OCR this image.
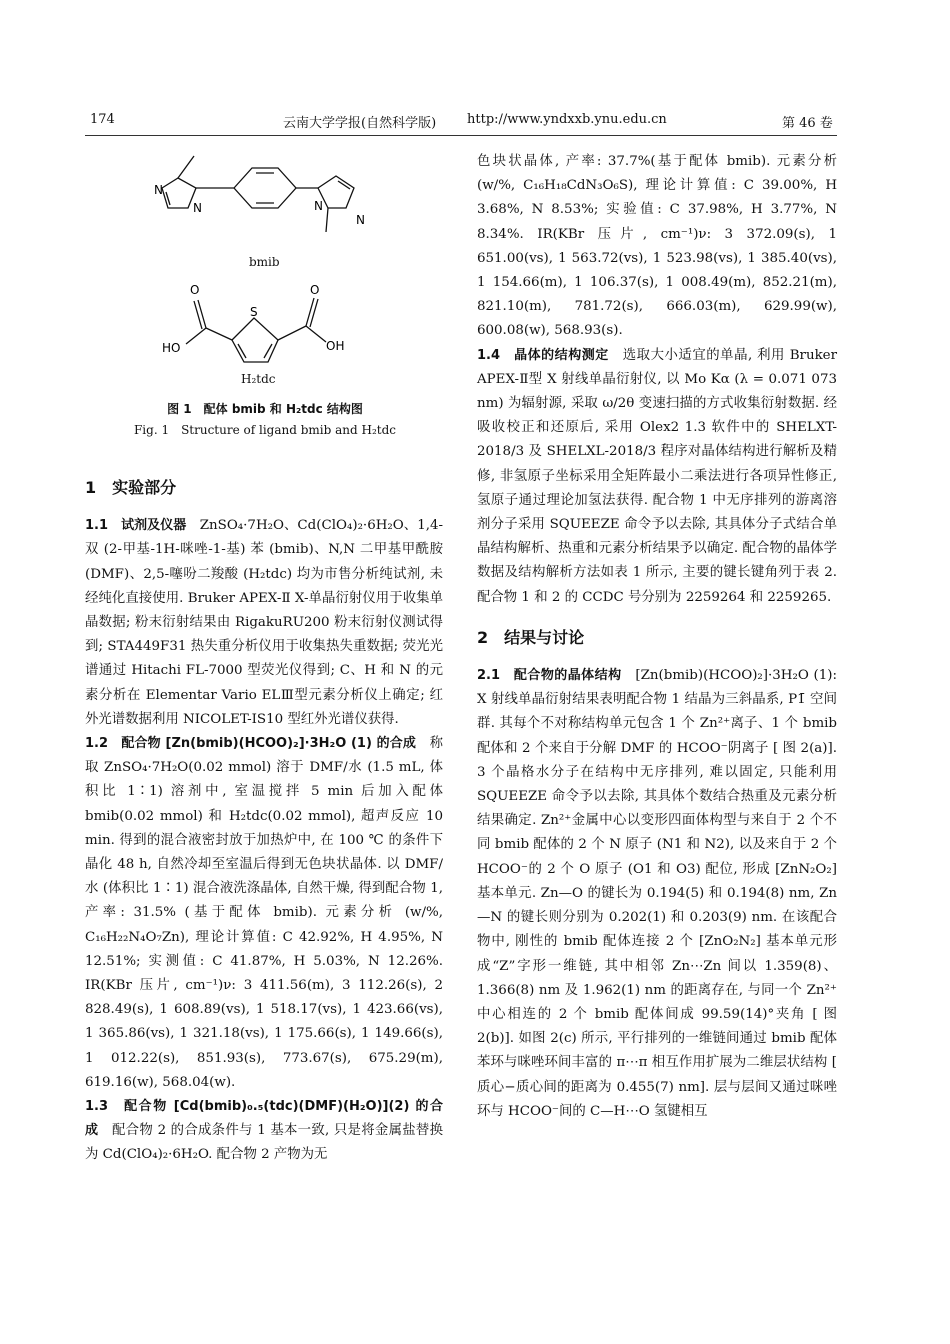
174	云南大学学报(自然科学版) http://www.yndxxb.ynu.edu.cn	第 46 卷
N
N	N
N
S
O	O
HO	OH
bmib
H₂tdc
图 1　配体 bmib 和 H₂tdc 结构图
Fig. 1　Structure of ligand bmib and H₂tdc
1　实验部分

1.1　试剂及仪器　 ZnSO₄·7H₂O、Cd(ClO₄)₂·6H₂O、1,4-双 (2-甲基-1H-咪唑-1-基) 苯 (bmib)、N,N 二甲基甲酰胺 (DMF)、2,5-噻吩二羧酸 (H₂tdc) 均为市售分析纯试剂, 未经纯化直接使用. Bruker APEX-Ⅱ X-单晶衍射仪用于收集单晶数据; 粉末衍射结果由 RigakuRU200 粉末衍射仪测试得到; STA449F31 热失重分析仪用于收集热失重数据; 荧光光谱通过 Hitachi FL-7000 型荧光仪得到; C、H 和 N 的元素分析在 Elementar Vario ELⅢ型元素分析仪上确定; 红外光谱数据利用 NICOLET-IS10 型红外光谱仪获得.

1.2　配合物 [Zn(bmib)(HCOO)₂]·3H₂O (1) 的合成　 称取 ZnSO₄·7H₂O(0.02 mmol) 溶于 DMF/水 (1.5 mL, 体积比 1∶1) 溶剂中, 室温搅拌 5 min 后加入配体 bmib(0.02 mmol) 和 H₂tdc(0.02 mmol), 超声反应 10 min. 得到的混合液密封放于加热炉中, 在 100 ℃ 的条件下晶化 48 h, 自然冷却至室温后得到无色块状晶体. 以 DMF/水 (体积比 1∶1) 混合液洗涤晶体, 自然干燥, 得到配合物 1, 产率: 31.5% (基于配体 bmib). 元素分析 (w/%, C₁₆H₂₂N₄O₇Zn), 理论计算值: C 42.92%, H 4.95%, N 12.51%; 实测值: C 41.87%, H 5.03%, N 12.26%. IR(KBr 压片, cm⁻¹)ν: 3 411.56(m), 3 112.26(s), 2 828.49(s), 1 608.89(vs), 1 518.17(vs), 1 423.66(vs), 1 365.86(vs), 1 321.18(vs), 1 175.66(s), 1 149.66(s), 1 012.22(s), 851.93(s), 773.67(s), 675.29(m), 619.16(w), 568.04(w).

1.3　配合物 [Cd(bmib)₀.₅(tdc)(DMF)(H₂O)](2) 的合成　 配合物 2 的合成条件与 1 基本一致, 只是将金属盐替换为 Cd(ClO₄)₂·6H₂O. 配合物 2 产物为无

色块状晶体, 产率: 37.7%(基于配体 bmib). 元素分析 (w/%, C₁₆H₁₈CdN₃O₆S), 理论计算值: C 39.00%, H 3.68%, N 8.53%; 实验值: C 37.98%, H 3.77%, N 8.34%. IR(KBr 压片, cm⁻¹)ν: 3 372.09(s), 1 651.00(vs), 1 563.72(vs), 1 523.98(vs), 1 385.40(vs), 1 154.66(m), 1 106.37(s), 1 008.49(m), 852.21(m), 821.10(m), 781.72(s), 666.03(m), 629.99(w), 600.08(w), 568.93(s).

1.4　晶体的结构测定　 选取大小适宜的单晶, 利用 Bruker APEX-Ⅱ型 X 射线单晶衍射仪, 以 Mo Kα (λ = 0.071 073 nm) 为辐射源, 采取 ω/2θ 变速扫描的方式收集衍射数据. 经吸收校正和还原后, 采用 Olex2 1.3 软件中的 SHELXT-2018/3 及 SHELXL-2018/3 程序对晶体结构进行解析及精修, 非氢原子坐标采用全矩阵最小二乘法进行各项异性修正, 氢原子通过理论加氢法获得. 配合物 1 中无序排列的游离溶剂分子采用 SQUEEZE 命令予以去除, 其具体分子式结合单晶结构解析、热重和元素分析结果予以确定. 配合物的晶体学数据及结构解析方法如表 1 所示, 主要的键长键角列于表 2. 配合物 1 和 2 的 CCDC 号分别为 2259264 和 2259265.

2　结果与讨论

2.1　配合物的晶体结构　 [Zn(bmib)(HCOO)₂]·3H₂O (1): X 射线单晶衍射结果表明配合物 1 结晶为三斜晶系, P1̄ 空间群. 其每个不对称结构单元包含 1 个 Zn²⁺离子、1 个 bmib 配体和 2 个来自于分解 DMF 的 HCOO⁻阴离子 [ 图 2(a)]. 3 个晶格水分子在结构中无序排列, 难以固定, 只能利用 SQUEEZE 命令予以去除, 其具体个数结合热重及元素分析结果确定. Zn²⁺金属中心以变形四面体构型与来自于 2 个不同 bmib 配体的 2 个 N 原子 (N1 和 N2), 以及来自于 2 个 HCOO⁻的 2 个 O 原子 (O1 和 O3) 配位, 形成 [ZnN₂O₂] 基本单元. Zn—O 的键长为 0.194(5) 和 0.194(8) nm, Zn—N 的键长则分别为 0.202(1) 和 0.203(9) nm. 在该配合物中, 刚性的 bmib 配体连接 2 个 [ZnO₂N₂] 基本单元形成“Z”字形一维链, 其中相邻 Zn⋯Zn 间以 1.359(8)、1.366(8) nm 及 1.962(1) nm 的距离存在, 与同一个 Zn²⁺中心相连的 2 个 bmib 配体间成 99.59(14)°夹角 [ 图 2(b)]. 如图 2(c) 所示, 平行排列的一维链间通过 bmib 配体苯环与咪唑环间丰富的 π⋯π 相互作用扩展为二维层状结构 [ 质心−质心间的距离为 0.455(7) nm]. 层与层间又通过咪唑环与 HCOO⁻间的 C—H⋯O 氢键相互
